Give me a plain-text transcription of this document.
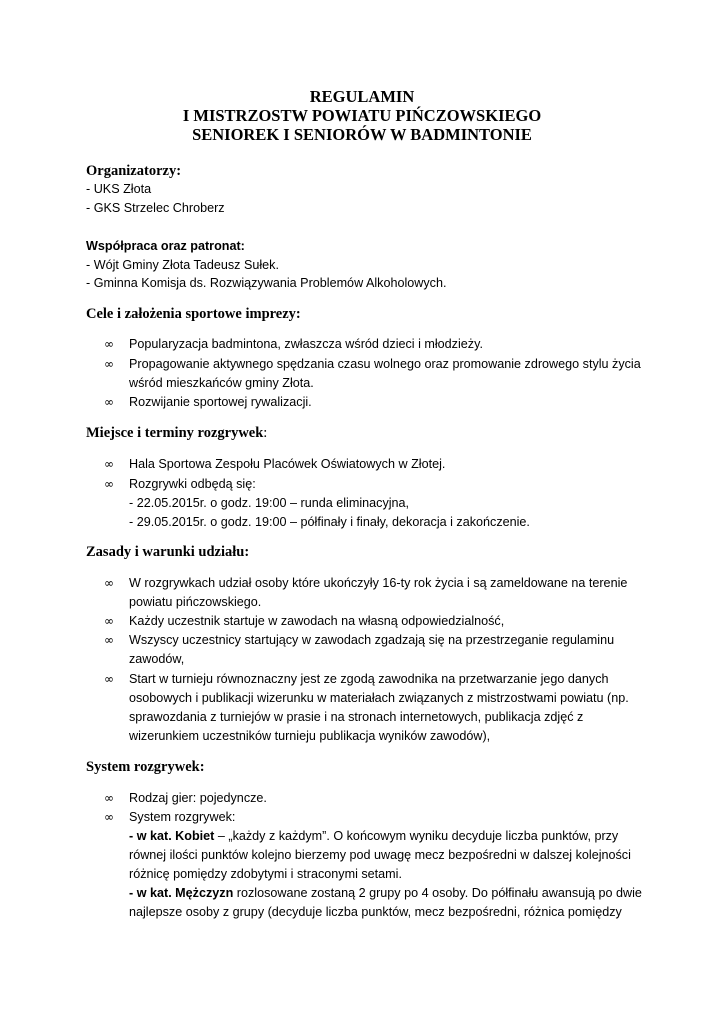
REGULAMIN
I MISTRZOSTW POWIATU PIŃCZOWSKIEGO
SENIOREK I SENIORÓW W BADMINTONIE
Organizatorzy:
- UKS Złota
- GKS Strzelec Chroberz
Współpraca oraz patronat:
- Wójt Gminy Złota Tadeusz Sułek.
- Gminna Komisja ds. Rozwiązywania Problemów Alkoholowych.
Cele i założenia sportowe imprezy:
∞ Popularyzacja badmintona, zwłaszcza wśród dzieci i młodzieży.
∞ Propagowanie aktywnego spędzania czasu wolnego oraz promowanie zdrowego stylu życia
wśród mieszkańców gminy Złota.
∞ Rozwijanie sportowej rywalizacji.
Miejsce i terminy rozgrywek:
∞ Hala Sportowa Zespołu Placówek Oświatowych w Złotej.
∞ Rozgrywki odbędą się:
- 22.05.2015r. o godz. 19:00 – runda eliminacyjna,
- 29.05.2015r. o godz. 19:00 – półfinały i finały, dekoracja i zakończenie.
Zasady i warunki udziału:
∞ W rozgrywkach udział osoby które ukończyły 16-ty rok życia i są zameldowane na terenie
powiatu pińczowskiego.
∞ Każdy uczestnik startuje w zawodach na własną odpowiedzialność,
∞ Wszyscy uczestnicy startujący w zawodach zgadzają się na przestrzeganie regulaminu
zawodów,
∞ Start w turnieju równoznaczny jest ze zgodą zawodnika na przetwarzanie jego danych
osobowych i publikacji wizerunku w materiałach związanych z mistrzostwami powiatu (np.
sprawozdania z turniejów w prasie i na stronach internetowych, publikacja zdjęć z
wizerunkiem uczestników turnieju publikacja wyników zawodów),
System rozgrywek:
∞ Rodzaj gier: pojedyncze.
∞ System rozgrywek:
- w kat. Kobiet – „każdy z każdym”. O końcowym wyniku decyduje liczba punktów, przy
równej ilości punktów kolejno bierzemy pod uwagę mecz bezpośredni w dalszej kolejności
różnicę pomiędzy zdobytymi i straconymi setami.
- w kat. Mężczyzn rozlosowane zostaną 2 grupy po 4 osoby. Do półfinału awansują po dwie
najlepsze osoby z grupy (decyduje liczba punktów, mecz bezpośredni, różnica pomiędzy
